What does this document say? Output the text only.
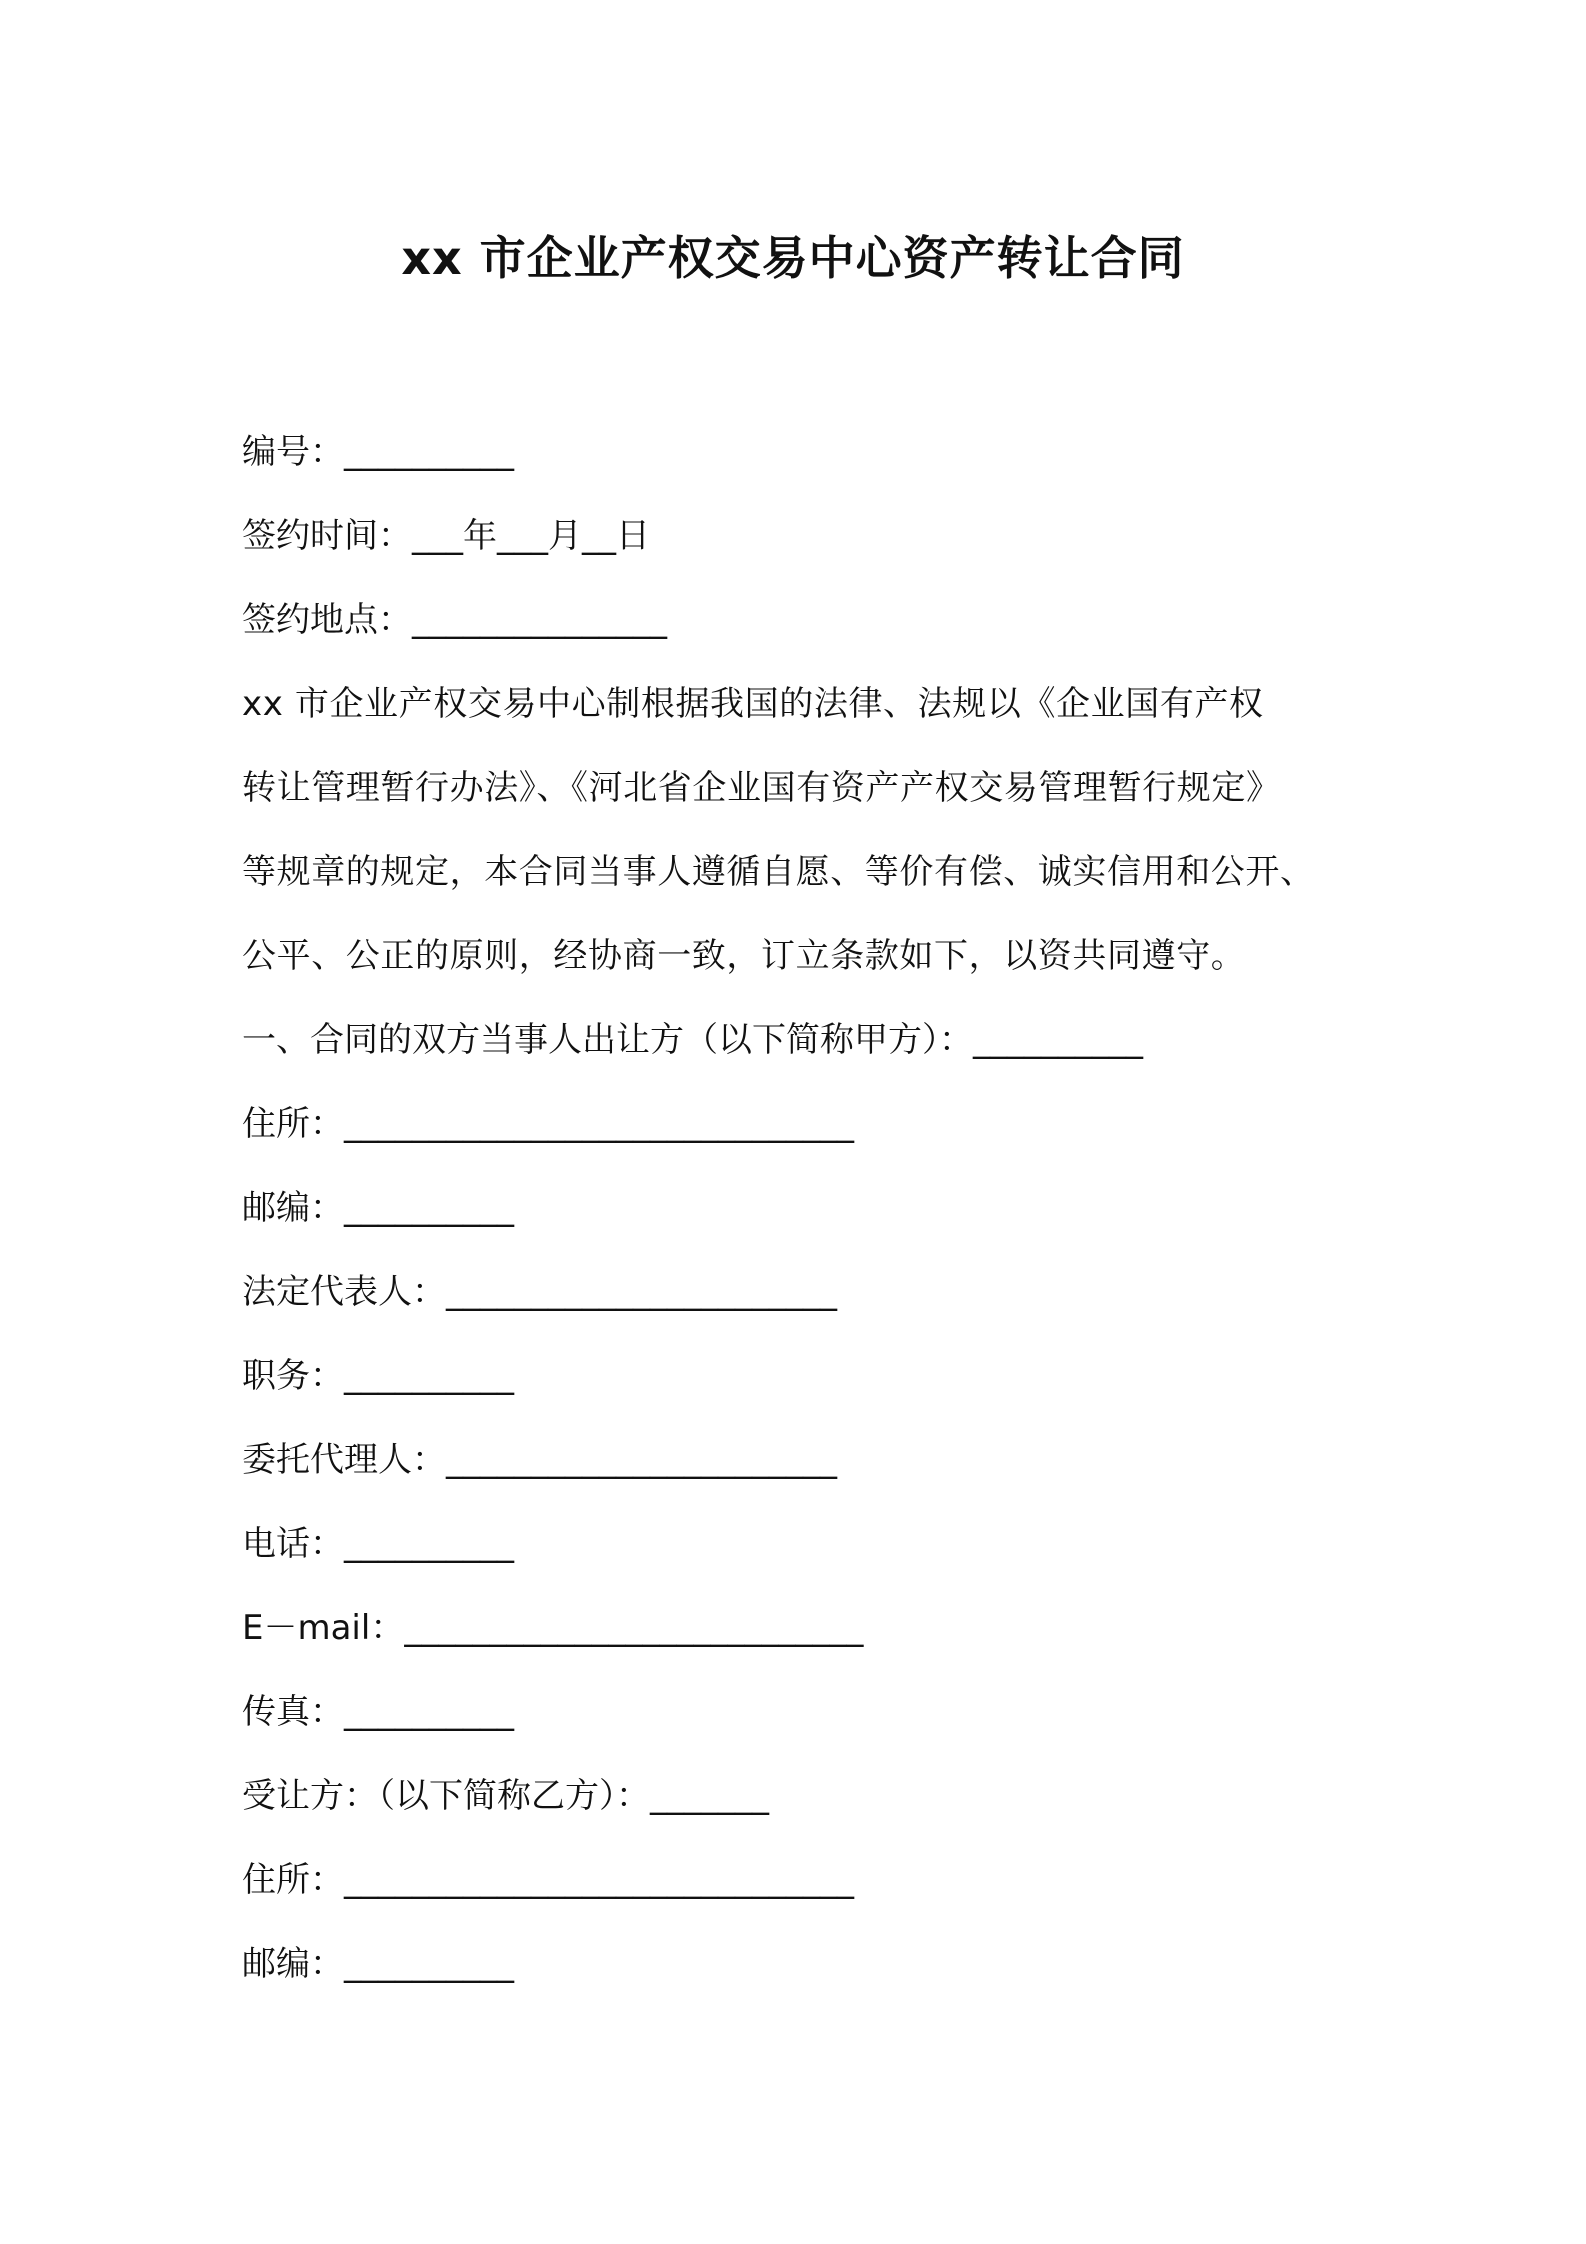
xx 市企业产权交易中心资产转让合同
编号：__________
签约时间：___年___月__日
签约地点：_______________
xx 市企业产权交易中心制根据我国的法律、法规以《企业国有产权
转让管理暂行办法》、《河北省企业国有资产产权交易管理暂行规定》
等规章的规定，本合同当事人遵循自愿、等价有偿、诚实信用和公开、
公平、公正的原则，经协商一致，订立条款如下，以资共同遵守。
一、合同的双方当事人出让方（以下简称甲方）：__________
住所：______________________________
邮编：__________
法定代表人：_______________________
职务：__________
委托代理人：_______________________
电话：__________
E－mail：___________________________
传真：__________
受让方：（以下简称乙方）：_______
住所：______________________________
邮编：__________
